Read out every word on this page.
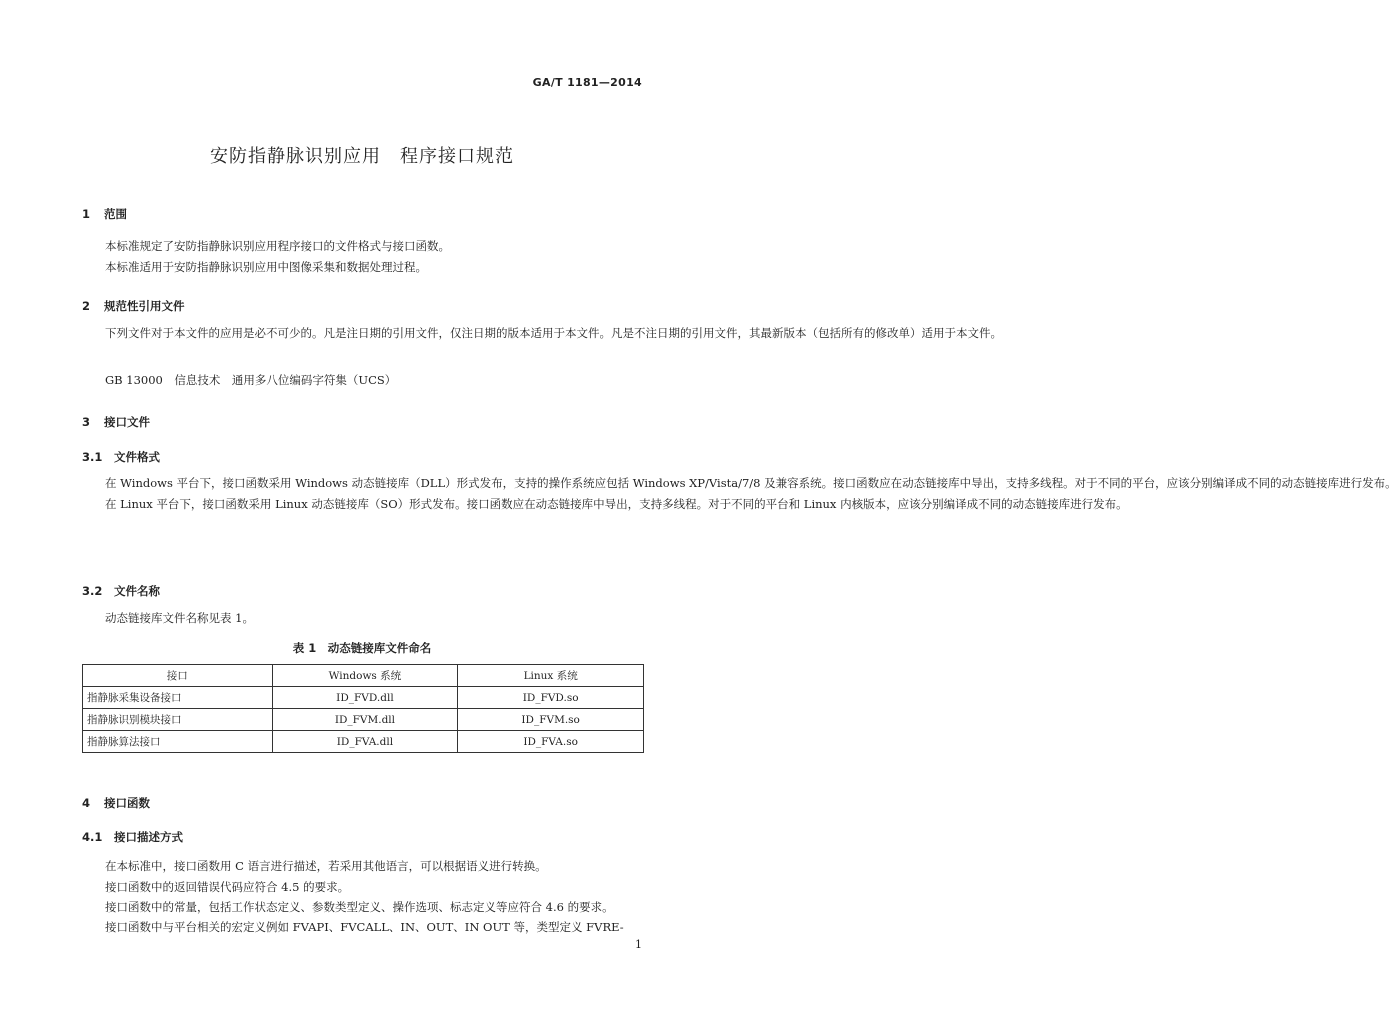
GA/T 1181—2014
安防指静脉识别应用　程序接口规范
1 范围
本标准规定了安防指静脉识别应用程序接口的文件格式与接口函数。
本标准适用于安防指静脉识别应用中图像采集和数据处理过程。
2 规范性引用文件

下列文件对于本文件的应用是必不可少的。凡是注日期的引用文件，仅注日期的版本适用于本文件。凡是不注日期的引用文件，其最新版本（包括所有的修改单）适用于本文件。

GB 13000　信息技术　通用多八位编码字符集（UCS）
3 接口文件
3.1 文件格式

在 Windows 平台下，接口函数采用 Windows 动态链接库（DLL）形式发布，支持的操作系统应包括 Windows XP/Vista/7/8 及兼容系统。接口函数应在动态链接库中导出，支持多线程。对于不同的平台，应该分别编译成不同的动态链接库进行发布。

在 Linux 平台下，接口函数采用 Linux 动态链接库（SO）形式发布。接口函数应在动态链接库中导出，支持多线程。对于不同的平台和 Linux 内核版本，应该分别编译成不同的动态链接库进行发布。

3.2 文件名称
动态链接库文件名称见表 1。
表 1　动态链接库文件命名
接口	Windows 系统	Linux 系统
指静脉采集设备接口	ID_FVD.dll	ID_FVD.so
指静脉识别模块接口	ID_FVM.dll	ID_FVM.so
指静脉算法接口	ID_FVA.dll	ID_FVA.so
4 接口函数
4.1 接口描述方式
在本标准中，接口函数用 C 语言进行描述，若采用其他语言，可以根据语义进行转换。
接口函数中的返回错误代码应符合 4.5 的要求。
接口函数中的常量，包括工作状态定义、参数类型定义、操作选项、标志定义等应符合 4.6 的要求。
接口函数中与平台相关的宏定义例如 FVAPI、FVCALL、IN、OUT、IN OUT 等，类型定义 FVRE-
1
